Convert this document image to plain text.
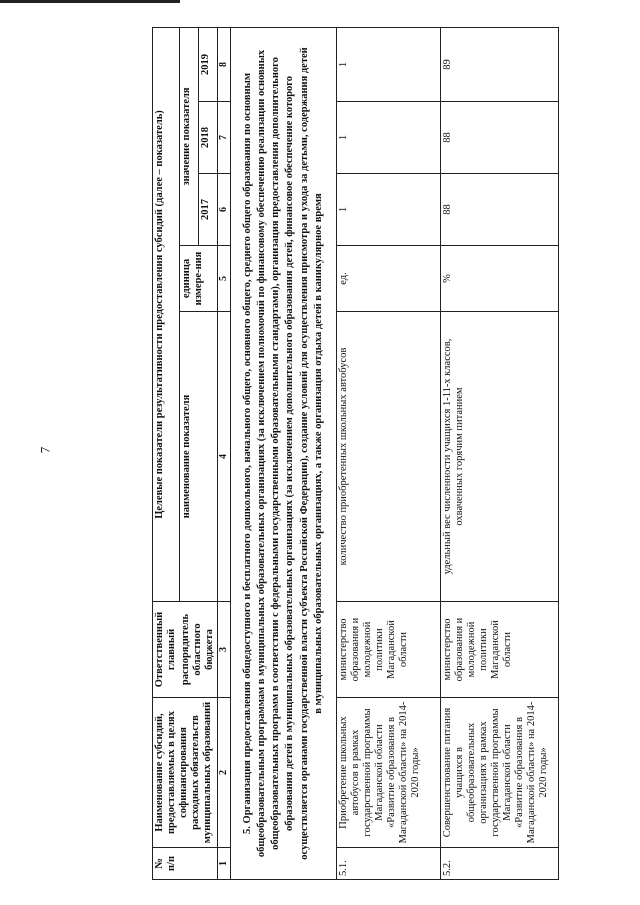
7
№
п/п	Наименование субсидий, предоставляемых в целях софинансирования расходных обязательств муниципальных образований	Ответственный главный	Целевые показатели результативности предоставления субсидий (далее – показатель)				
		распорядитель областного бюджета	наименование показателя	единица измере-ния	значение показателя		
					2017	2018	2019
1	2	3	4	5	6	7	8
5. Организация предоставления общедоступного и бесплатного дошкольного, начального общего, основного общего, среднего общего образования по основным общеобразовательным программам в муниципальных образовательных организациях (за исключением полномочий по финансовому обеспечению реализации основных общеобразовательных программ в соответствии с федеральными государственными образовательными стандартами), организация предоставления дополнительного образования детей в муниципальных образовательных организациях (за исключением дополнительного образования детей, финансовое обеспечение которого осуществляется органами государственной власти субъекта Российской Федерации), создание условий для осуществления присмотра и ухода за детьми, содержания детей в муниципальных образовательных организациях, а также организация отдыха детей в каникулярное время							
5.1.	Приобретение школьных автобусов в рамках государственной программы Магаданской области «Развитие образования в Магаданской области» на 2014-2020 годы»	министерство образования и молодежной политики Магаданской области	количество приобретенных школьных автобусов	ед.	1	1	1
5.2.	Совершенствование питания учащихся в общеобразовательных организациях в рамках государственной программы Магаданской области «Развитие образования в Магаданской области» на 2014-2020 годы»	министерство образования и молодежной политики Магаданской области	удельный вес численности учащихся 1-11-х классов, охваченных горячим питанием	%	88	88	89
